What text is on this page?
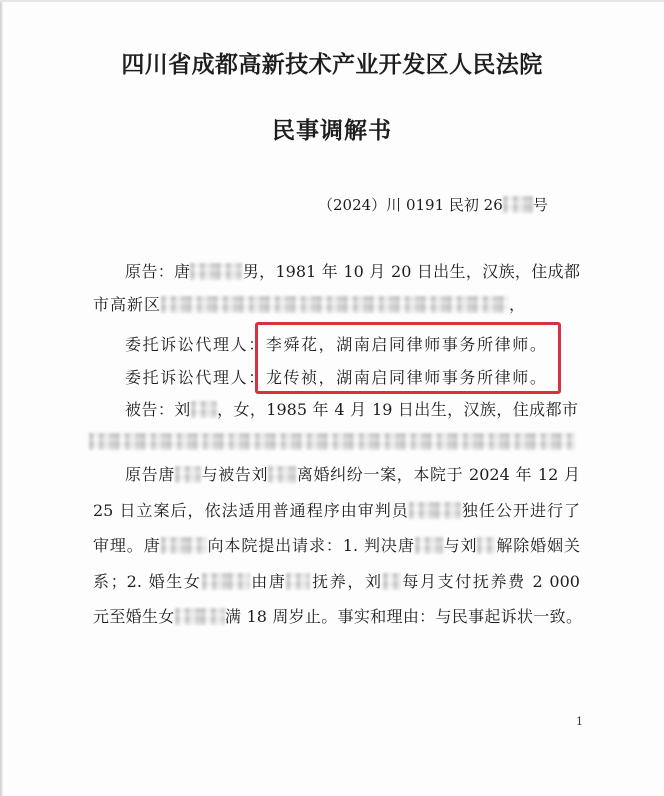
四川省成都高新技术产业开发区人民法院
民事调解书
（2024）川 0191 民初 26 号
原告：唐	男，1981 年 10 月 20 日出生，汉族，住成都
市高新区	，
委托诉讼代理人：李舜花，湖南启同律师事务所律师。
委托诉讼代理人：龙传祯，湖南启同律师事务所律师。
被告：刘 ，女，1985 年 4 月 19 日出生，汉族，住成都市
原告唐 与被告刘 离婚纠纷一案，本院于 2024 年 12 月
25 日立案后，依法适用普通程序由审判员	独任公开进行了
审理。唐	向本院提出请求：1. 判决唐 与刘 解除婚姻关
系；2. 婚生女	由唐 抚养，刘 每月支付抚养费 2 000
元至婚生女	满 18 周岁止。事实和理由：与民事起诉状一致。
1
